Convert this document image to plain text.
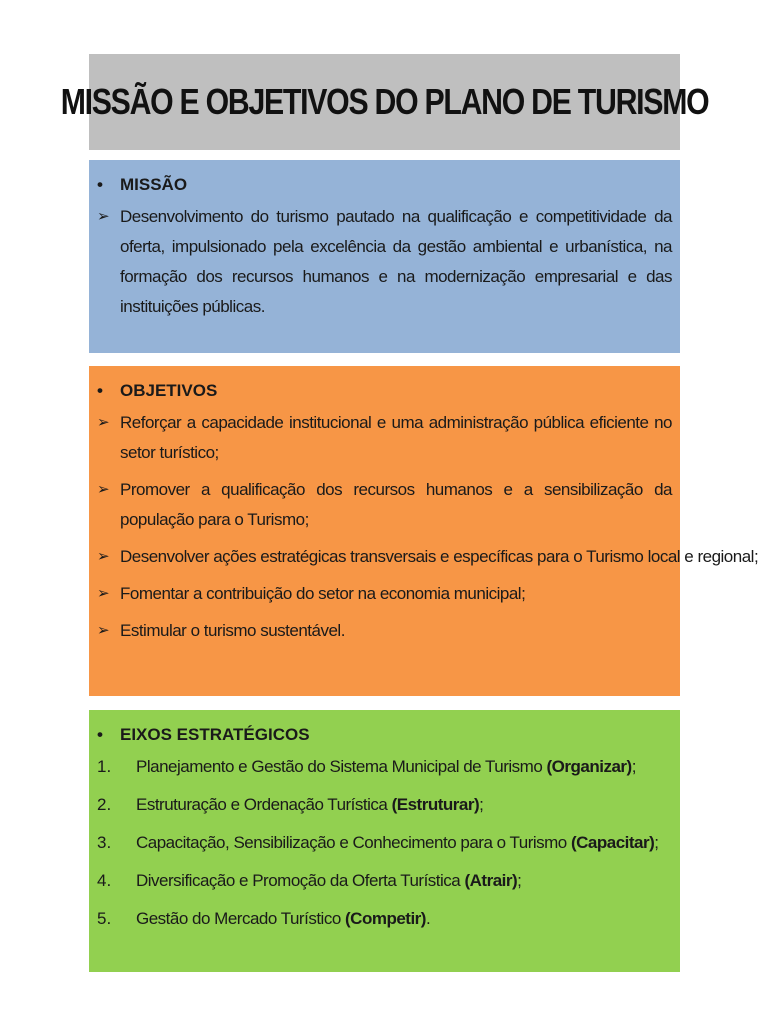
MISSÃO E OBJETIVOS DO PLANO DE TURISMO
•	MISSÃO
➢ Desenvolvimento do turismo pautado na qualificação e competitividade da oferta, impulsionado pela excelência da gestão ambiental e urbanística, na formação dos recursos humanos e na modernização empresarial e das instituições públicas.
•	OBJETIVOS
➢ Reforçar a capacidade institucional e uma administração pública eficiente no setor turístico;
➢ Promover a qualificação dos recursos humanos e a sensibilização da população para o Turismo;
➢ Desenvolver ações estratégicas transversais e específicas para o Turismo local e regional;
➢ Fomentar a contribuição do setor na economia municipal;
➢ Estimular o turismo sustentável.
•	EIXOS ESTRATÉGICOS
1.	Planejamento e Gestão do Sistema Municipal de Turismo (Organizar);
2.	Estruturação e Ordenação Turística (Estruturar);
3.	Capacitação, Sensibilização e Conhecimento para o Turismo (Capacitar);
4.	Diversificação e Promoção da Oferta Turística (Atrair);
5.	Gestão do Mercado Turístico (Competir).
